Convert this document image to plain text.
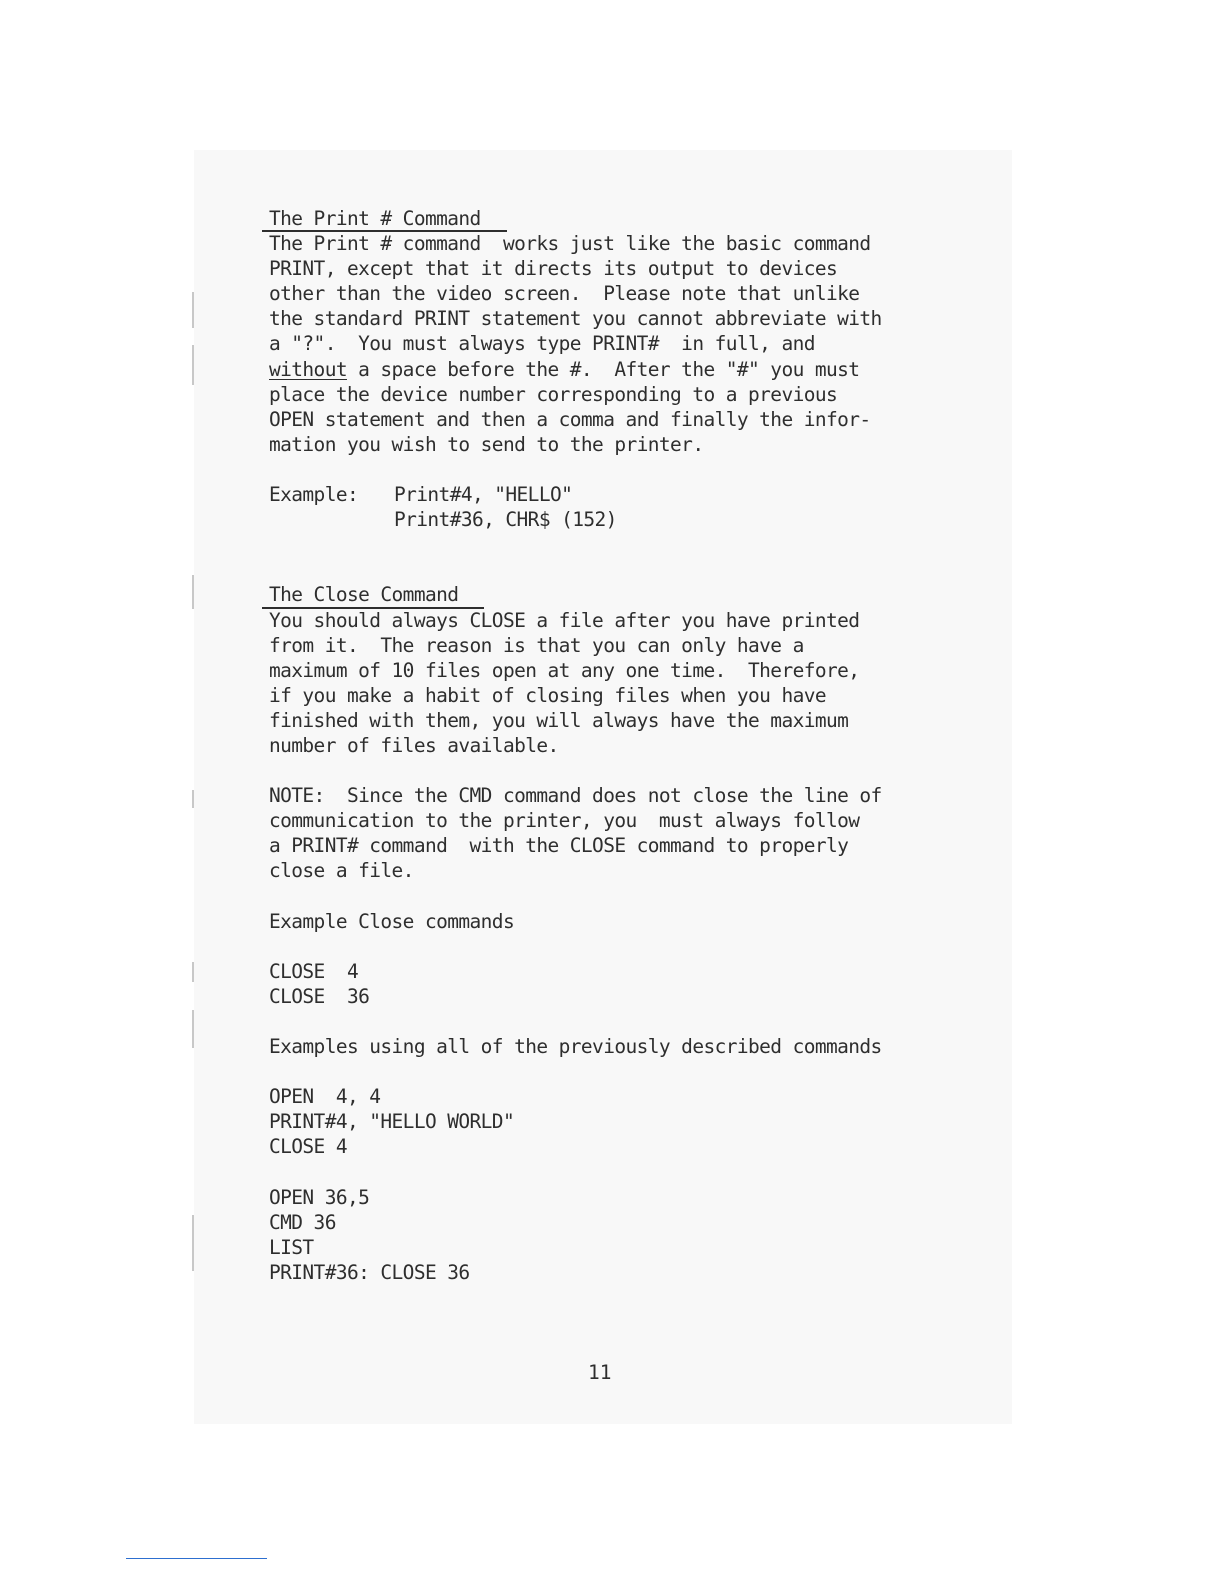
The Print # Command

The Print # command  works just like the basic command

PRINT, except that it directs its output to devices

other than the video screen.  Please note that unlike

the standard PRINT statement you cannot abbreviate with

a "?".  You must always type PRINT#  in full, and

without a space before the #.  After the "#" you must

place the device number corresponding to a previous

OPEN statement and then a comma and finally the infor-

mation you wish to send to the printer.

Example:	Print#4, "HELLO"
Print#36, CHR$ (152)
The Close Command

You should always CLOSE a file after you have printed

from it.  The reason is that you can only have a

maximum of 10 files open at any one time.  Therefore,

if you make a habit of closing files when you have

finished with them, you will always have the maximum

number of files available.

NOTE:  Since the CMD command does not close the line of

communication to the printer, you  must always follow

a PRINT# command  with the CLOSE command to properly

close a file.

Example Close commands

CLOSE  4

CLOSE  36

Examples using all of the previously described commands

OPEN  4, 4

PRINT#4, "HELLO WORLD"

CLOSE 4

OPEN 36,5

CMD 36

LIST

PRINT#36: CLOSE 36

11
